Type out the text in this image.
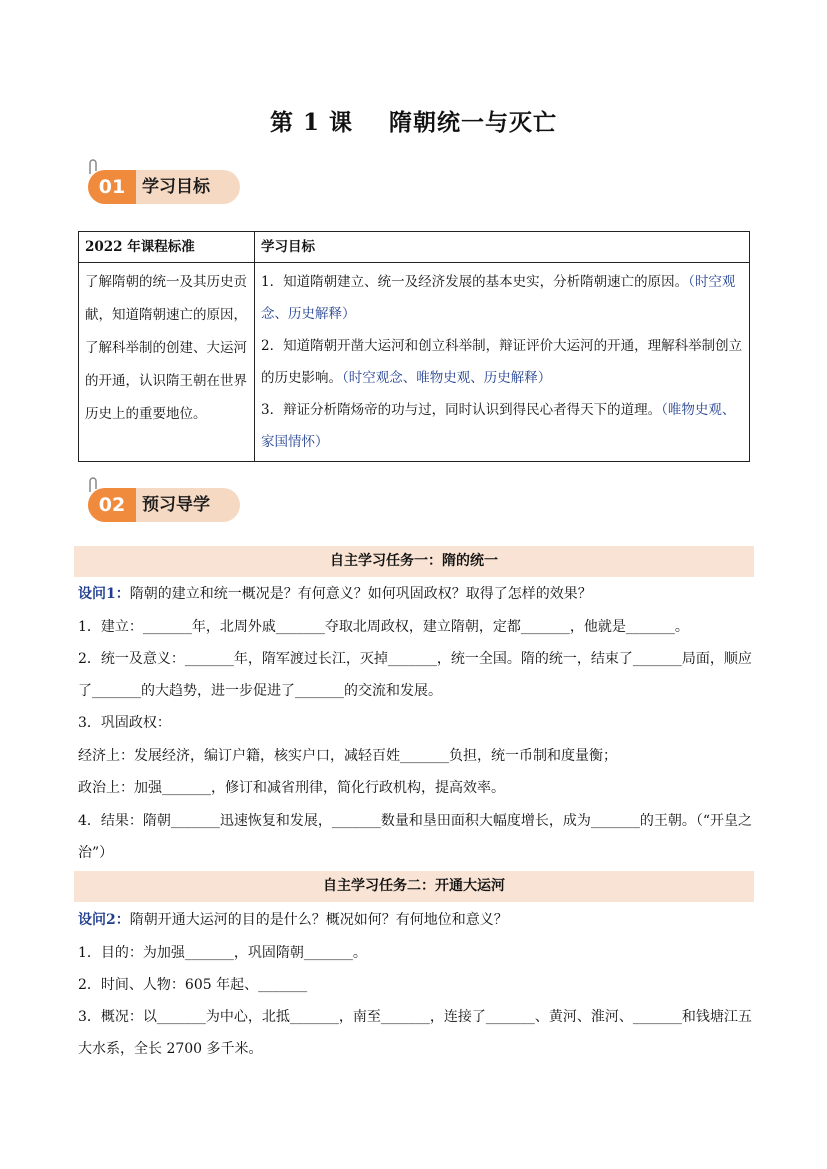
第 1 课    隋朝统一与灭亡
01 学习目标
2022 年课程标准	学习目标
了解隋朝的统一及其历史贡献，知道隋朝速亡的原因，了解科举制的创建、大运河的开通，认识隋王朝在世界历史上的重要地位。	1．知道隋朝建立、统一及经济发展的基本史实，分析隋朝速亡的原因。（时空观念、历史解释）
2．知道隋朝开凿大运河和创立科举制，辩证评价大运河的开通，理解科举制创立的历史影响。（时空观念、唯物史观、历史解释）
3．辩证分析隋炀帝的功与过，同时认识到得民心者得天下的道理。（唯物史观、家国情怀）
02 预习导学
自主学习任务一：隋的统一
设问1：隋朝的建立和统一概况是？有何意义？如何巩固政权？取得了怎样的效果？
1．建立：_______年，北周外戚_______夺取北周政权，建立隋朝，定都_______，他就是_______。
2．统一及意义：_______年，隋军渡过长江，灭掉_______，统一全国。隋的统一，结束了_______局面，顺应了_______的大趋势，进一步促进了_______的交流和发展。
3．巩固政权：
经济上：发展经济，编订户籍，核实户口，减轻百姓_______负担，统一币制和度量衡；
政治上：加强_______，修订和减省刑律，简化行政机构，提高效率。
4．结果：隋朝_______迅速恢复和发展，_______数量和垦田面积大幅度增长，成为_______的王朝。（“开皇之治”）
自主学习任务二：开通大运河
设问2：隋朝开通大运河的目的是什么？概况如何？有何地位和意义？
1．目的：为加强_______，巩固隋朝_______。
2．时间、人物：605 年起、_______
3．概况：以_______为中心，北抵_______，南至_______，连接了_______、黄河、淮河、_______和钱塘江五大水系，全长 2700 多千米。
